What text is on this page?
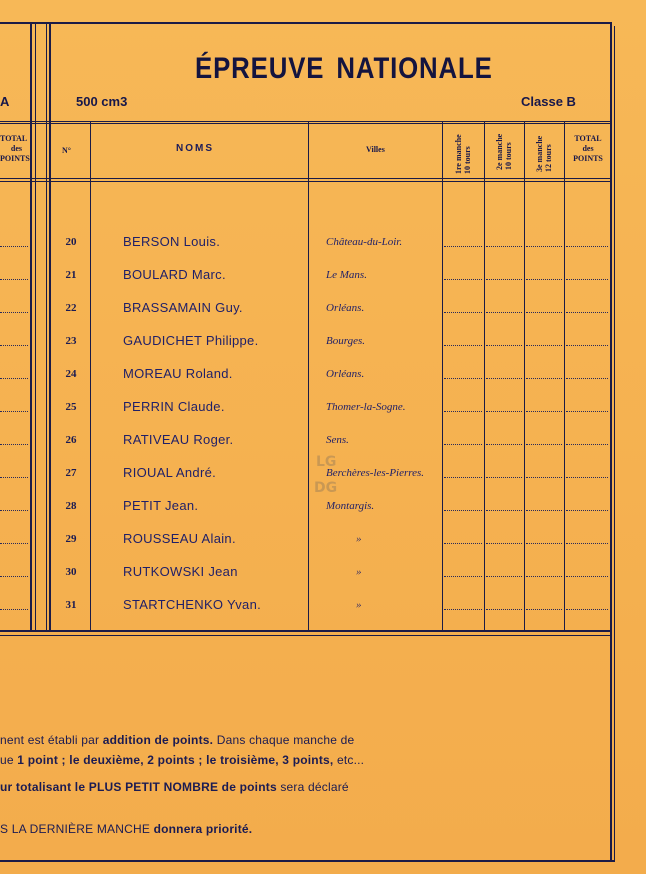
ÉPREUVE NATIONALE
A	500 cm3	Classe B
TOTAL
des
POINTS
N°	NOMS	Villes	1re manche 10 tours	2e manche 10 tours	3e manche 12 tours
TOTAL
des
POINTS
20	BERSON Louis.	Château-du-Loir.
21	BOULARD Marc.	Le Mans.
22	BRASSAMAIN Guy.	Orléans.
23	GAUDICHET Philippe.	Bourges.
24	MOREAU Roland.	Orléans.
25	PERRIN Claude.	Thomer-la-Sogne.
26	RATIVEAU Roger.	Sens.
27	RIOUAL André.	Berchères-les-Pierres.
28	PETIT Jean.	Montargis.
29	ROUSSEAU Alain.	»
30	RUTKOWSKI Jean	»
31	STARTCHENKO Yvan.	»
LG
DG
nent est établi par addition de points. Dans chaque manche de
ue 1 point ; le deuxième, 2 points ; le troisième, 3 points, etc...
ur totalisant le PLUS PETIT NOMBRE de points sera déclaré
S LA DERNIÈRE MANCHE donnera priorité.
